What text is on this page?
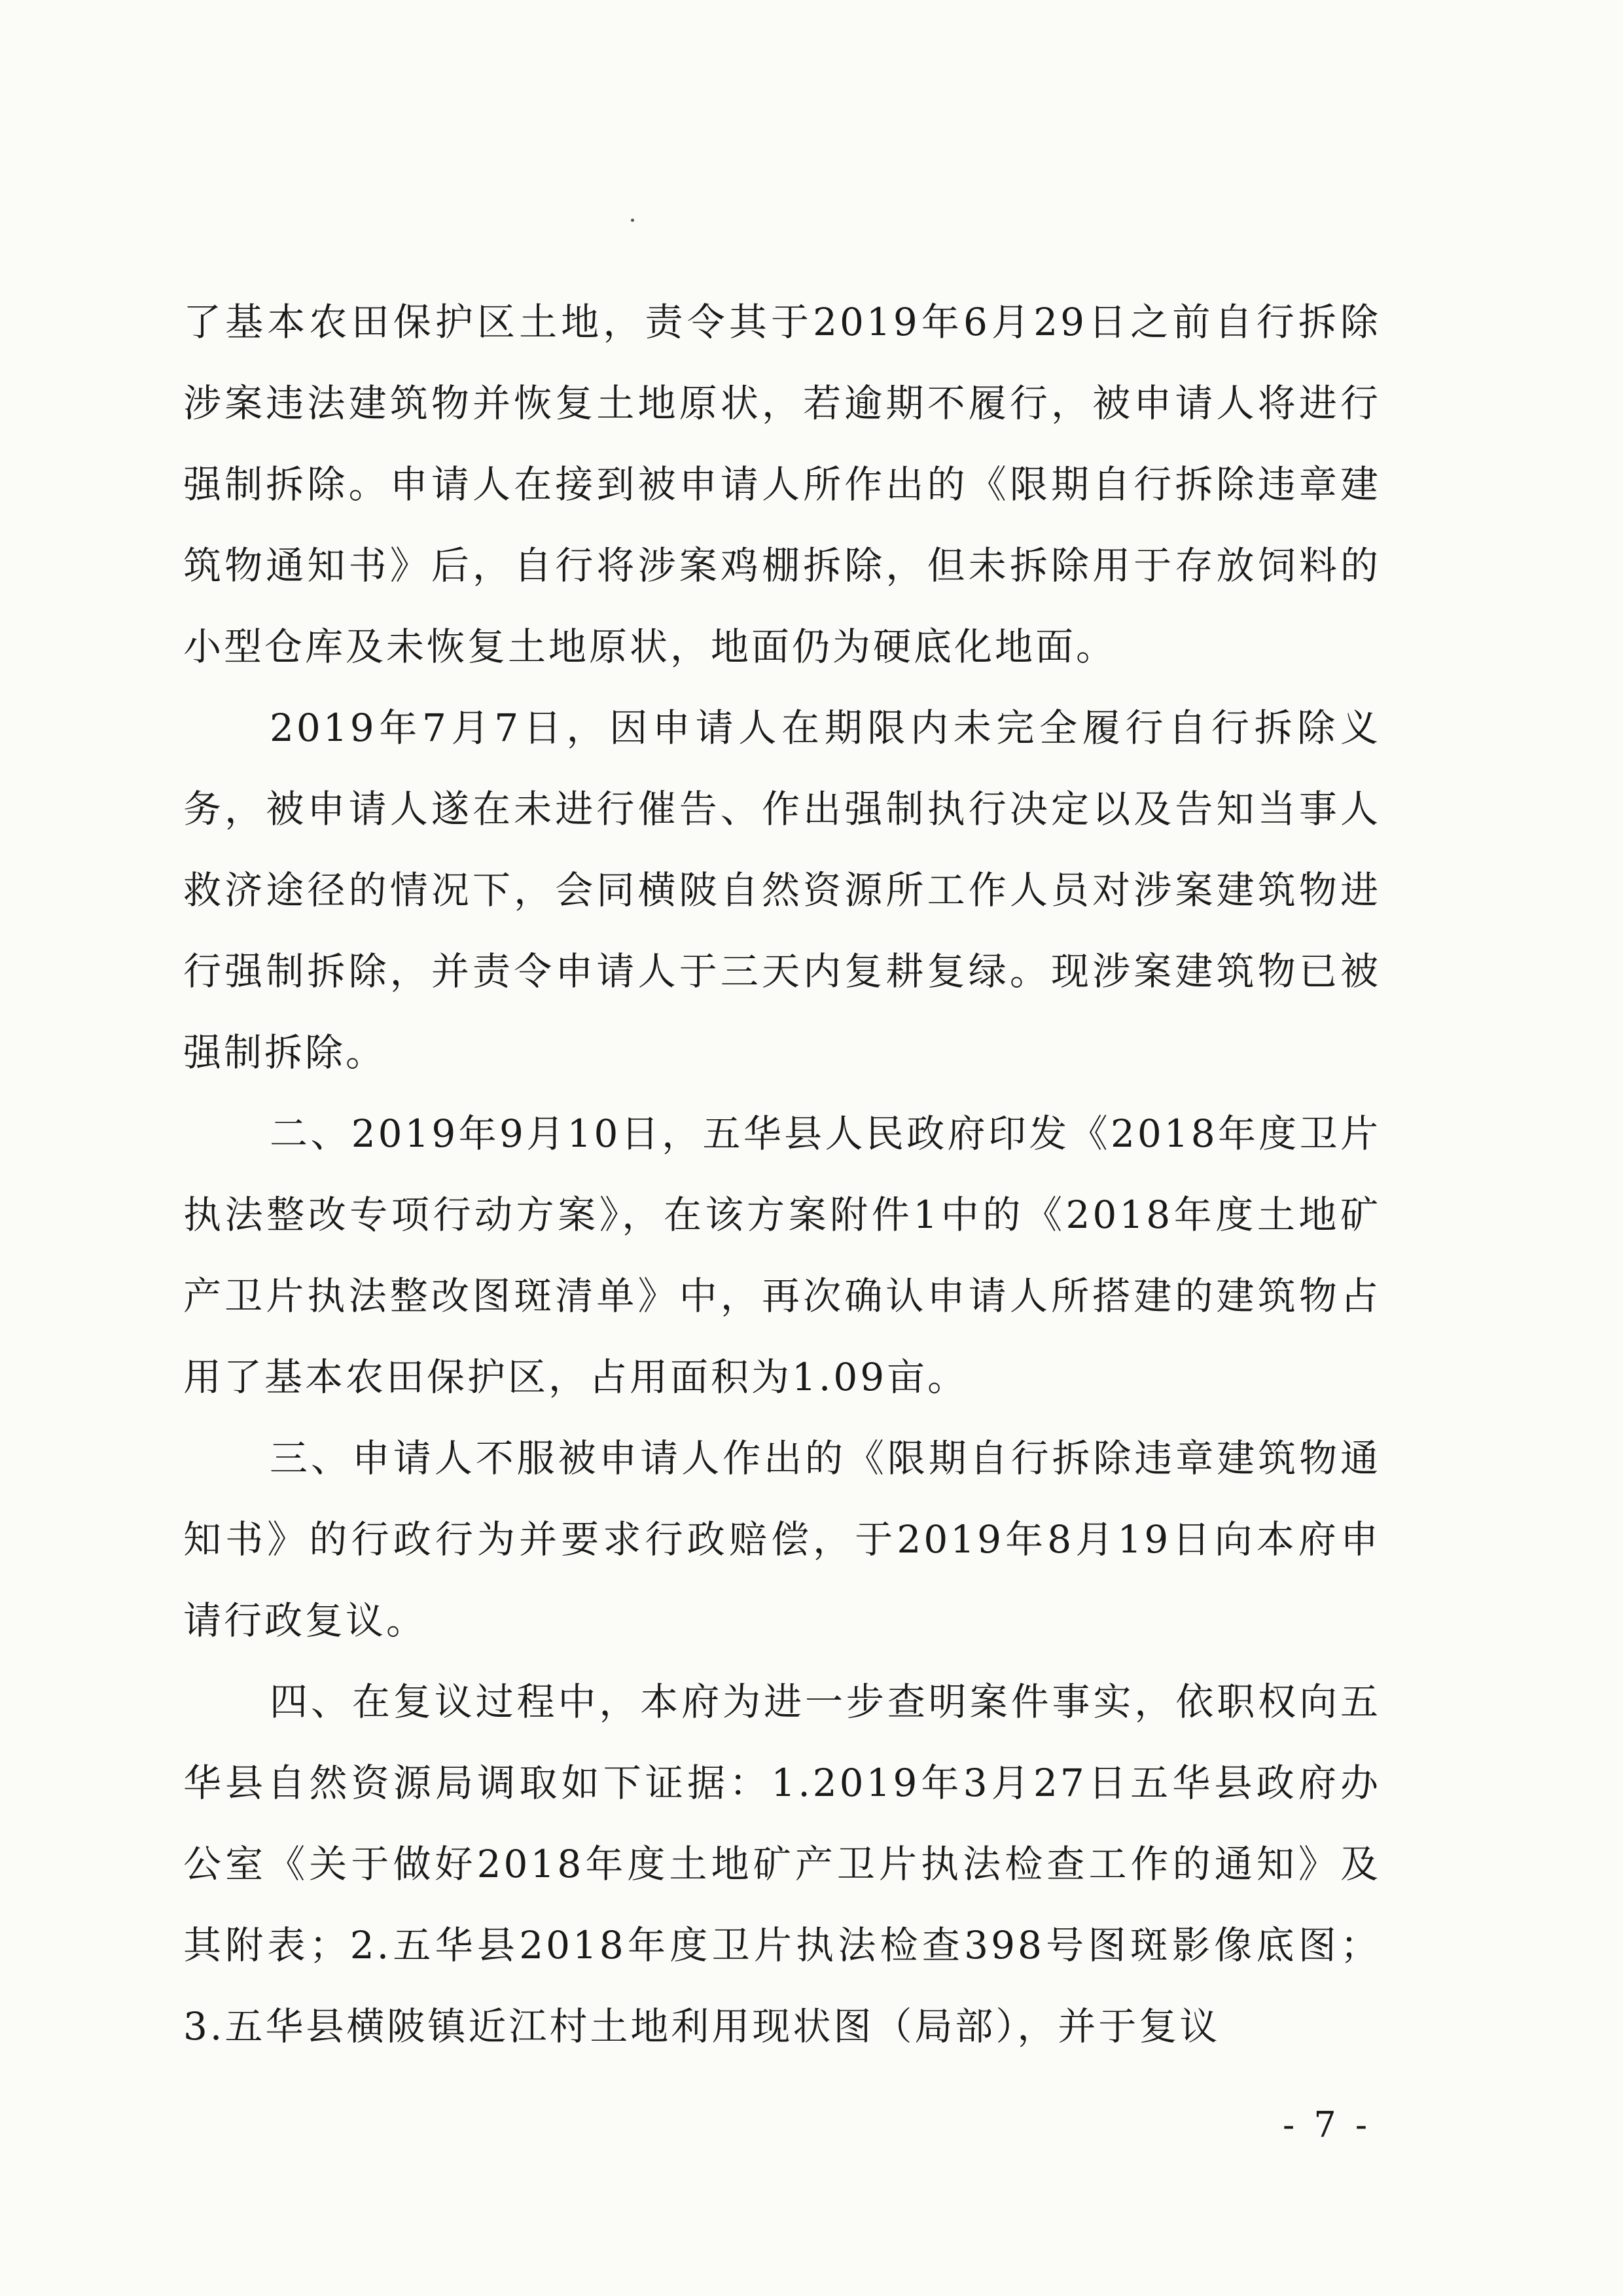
了基本农田保护区土地，责令其于2019年6月29日之前自行拆除涉案违法建筑物并恢复土地原状，若逾期不履行，被申请人将进行强制拆除。申请人在接到被申请人所作出的《限期自行拆除违章建筑物通知书》后，自行将涉案鸡棚拆除，但未拆除用于存放饲料的小型仓库及未恢复土地原状，地面仍为硬底化地面。

2019年7月7日，因申请人在期限内未完全履行自行拆除义务，被申请人遂在未进行催告、作出强制执行决定以及告知当事人救济途径的情况下，会同横陂自然资源所工作人员对涉案建筑物进行强制拆除，并责令申请人于三天内复耕复绿。现涉案建筑物已被强制拆除。

二、2019年9月10日，五华县人民政府印发《2018年度卫片执法整改专项行动方案》，在该方案附件1中的《2018年度土地矿产卫片执法整改图斑清单》中，再次确认申请人所搭建的建筑物占用了基本农田保护区，占用面积为1.09亩。

三、申请人不服被申请人作出的《限期自行拆除违章建筑物通知书》的行政行为并要求行政赔偿，于2019年8月19日向本府申请行政复议。

四、在复议过程中，本府为进一步查明案件事实，依职权向五华县自然资源局调取如下证据：1.2019年3月27日五华县政府办公室《关于做好2018年度土地矿产卫片执法检查工作的通知》及其附表；2.五华县2018年度卫片执法检查398号图斑影像底图；3.五华县横陂镇近江村土地利用现状图（局部），并于复议

- 7 -
